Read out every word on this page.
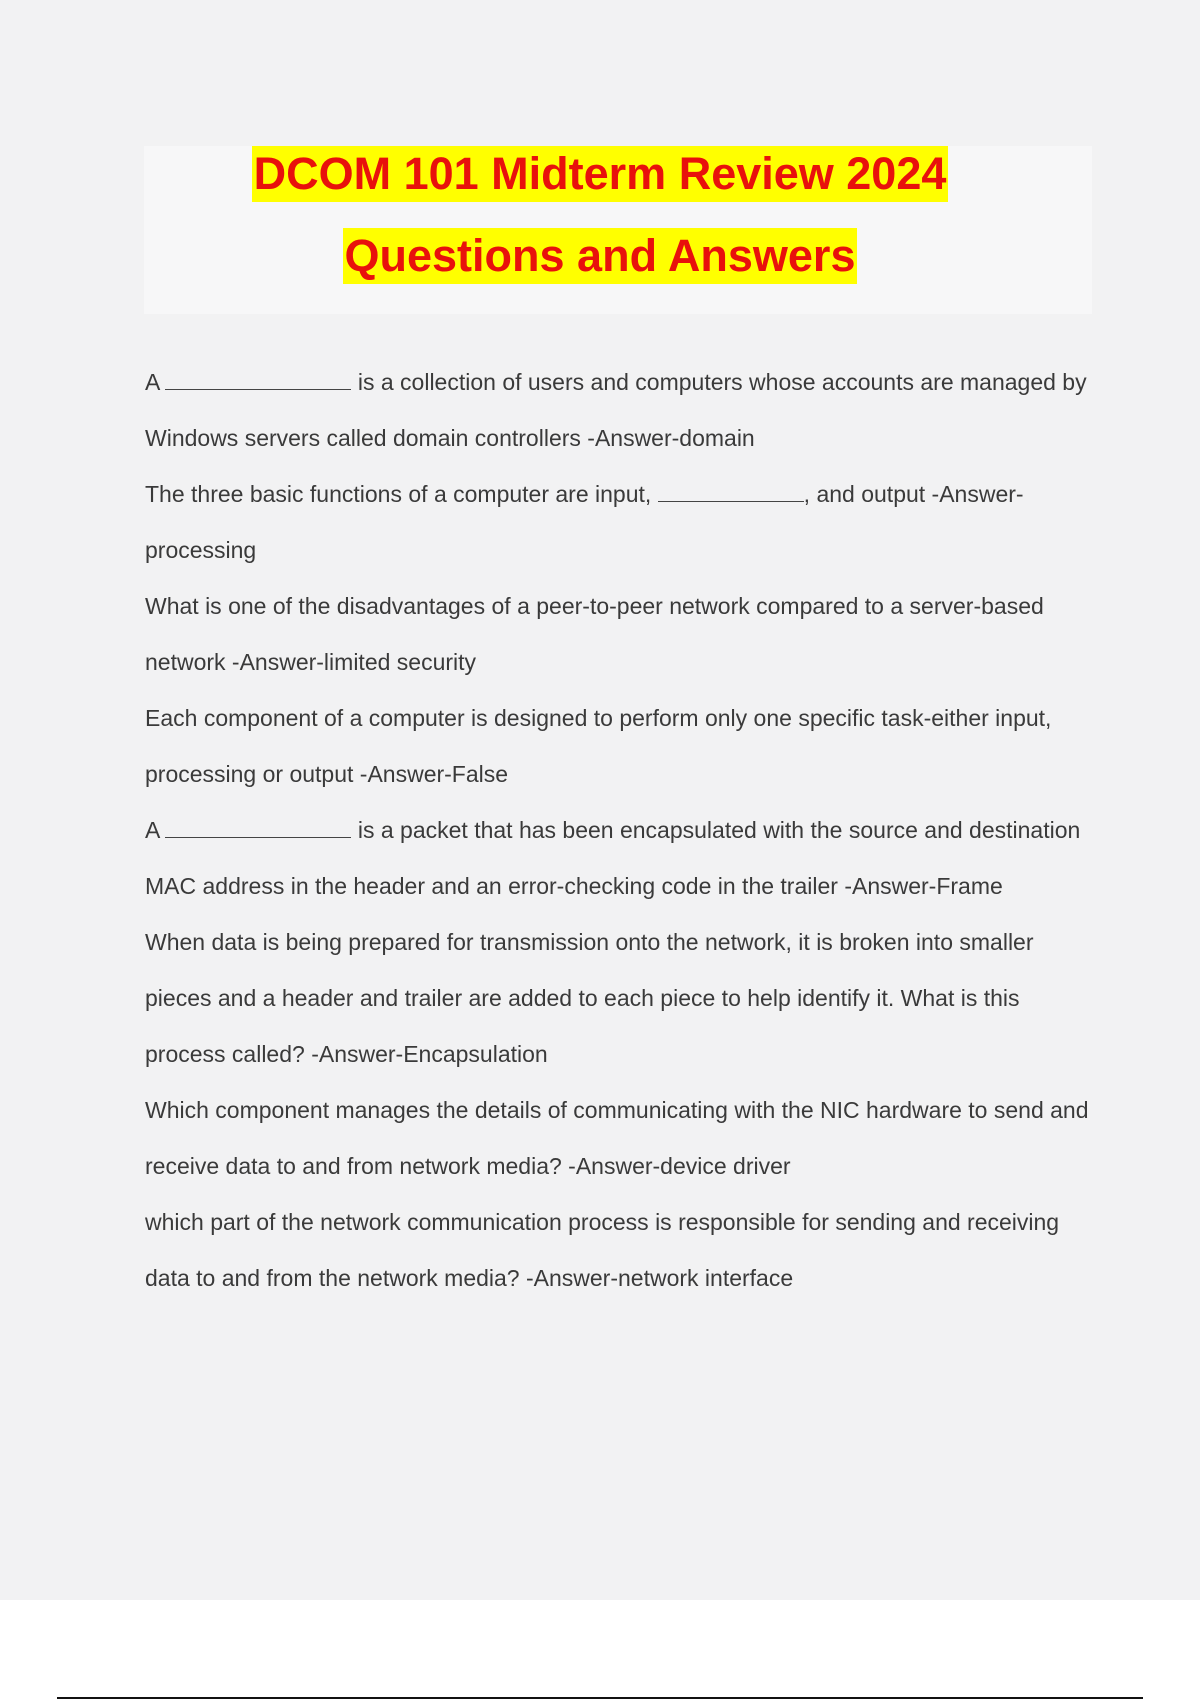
DCOM 101 Midterm Review 2024
Questions and Answers

A	is a collection of users and computers whose accounts are managed by Windows servers called domain controllers -Answer-domain

The three basic functions of a computer are input,	, and output -Answer-processing

What is one of the disadvantages of a peer-to-peer network compared to a server-based network -Answer-limited security

Each component of a computer is designed to perform only one specific task-either input, processing or output -Answer-False

A	is a packet that has been encapsulated with the source and destination MAC address in the header and an error-checking code in the trailer -Answer-Frame

When data is being prepared for transmission onto the network, it is broken into smaller pieces and a header and trailer are added to each piece to help identify it. What is this process called? -Answer-Encapsulation

Which component manages the details of communicating with the NIC hardware to send and receive data to and from network media? -Answer-device driver

which part of the network communication process is responsible for sending and receiving data to and from the network media? -Answer-network interface
